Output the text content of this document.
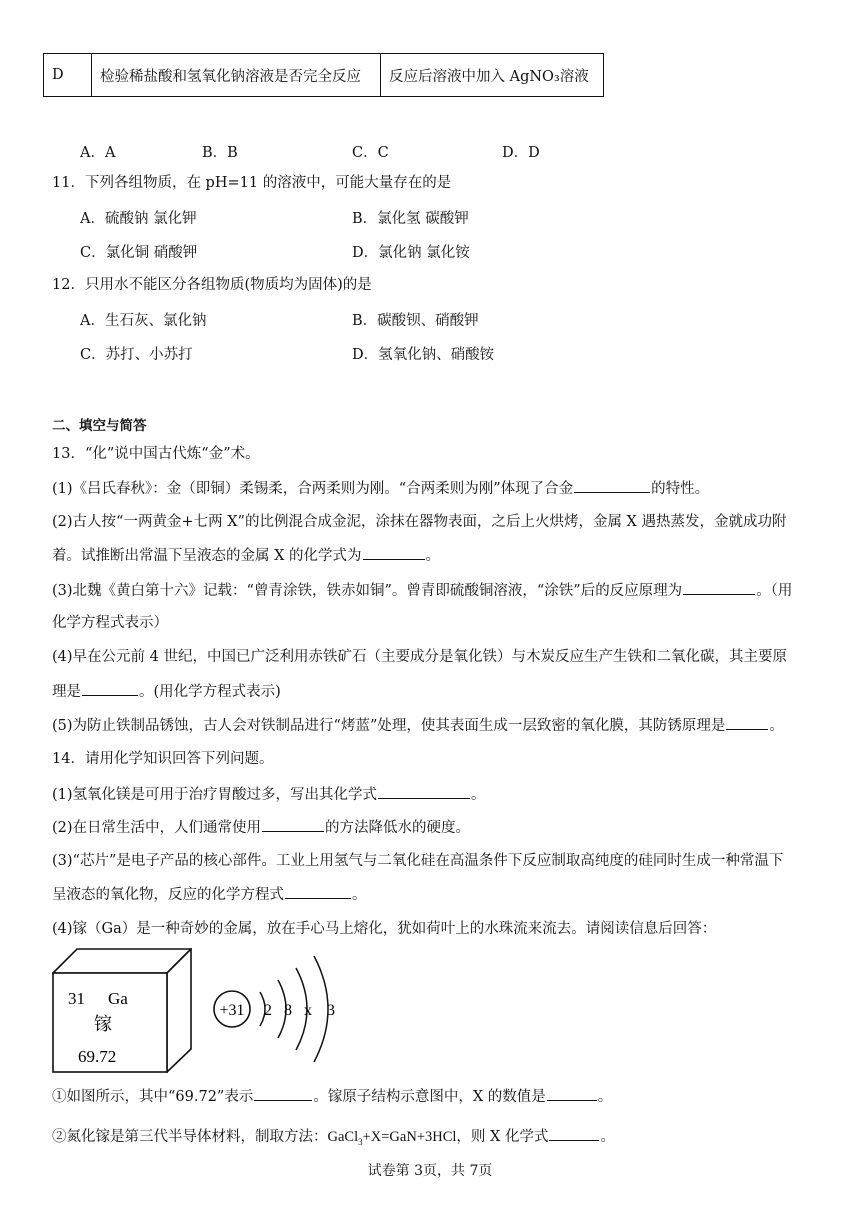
D	检验稀盐酸和氢氧化钠溶液是否完全反应	反应后溶液中加入 AgNO₃溶液
A．A	B．B	C．C	D．D
11．下列各组物质，在 pH=11 的溶液中，可能大量存在的是
A．硫酸钠 氯化钾	B．氯化氢 碳酸钾
C．氯化铜 硝酸钾	D．氯化钠 氯化铵
12．只用水不能区分各组物质(物质均为固体)的是
A．生石灰、氯化钠	B．碳酸钡、硝酸钾
C．苏打、小苏打	D．氢氧化钠、硝酸铵
二、填空与简答
13．“化”说中国古代炼“金”术。
(1)《吕氏春秋》：金（即铜）柔锡柔，合两柔则为刚。“合两柔则为刚”体现了合金	的特性。
(2)古人按“一两黄金+七两 X”的比例混合成金泥，涂抹在器物表面，之后上火烘烤，金属 X 遇热蒸发，金就成功附
着。试推断出常温下呈液态的金属 X 的化学式为	。
(3)北魏《黄白第十六》记载：“曾青涂铁，铁赤如铜”。曾青即硫酸铜溶液，“涂铁”后的反应原理为	。（用
化学方程式表示）
(4)早在公元前 4 世纪，中国已广泛利用赤铁矿石（主要成分是氧化铁）与木炭反应生产生铁和二氧化碳，其主要原
理是	。(用化学方程式表示)
(5)为防止铁制品锈蚀，古人会对铁制品进行“烤蓝”处理，使其表面生成一层致密的氧化膜，其防锈原理是	。
14．请用化学知识回答下列问题。
(1)氢氧化镁是可用于治疗胃酸过多，写出其化学式	。
(2)在日常生活中，人们通常使用	的方法降低水的硬度。
(3)“芯片”是电子产品的核心部件。工业上用氢气与二氧化硅在高温条件下反应制取高纯度的硅同时生成一种常温下
呈液态的氧化物，反应的化学方程式	。
(4)镓（Ga）是一种奇妙的金属，放在手心马上熔化，犹如荷叶上的水珠流来流去。请阅读信息后回答：
31 Ga
镓
69.72
+31 2 8 x 3
①如图所示，其中“69.72”表示	。镓原子结构示意图中，X 的数值是	。
②氮化镓是第三代半导体材料，制取方法：GaCl$_3$+X=GaN+3HCl，则 X 化学式	。
试卷第 3页，共 7页
